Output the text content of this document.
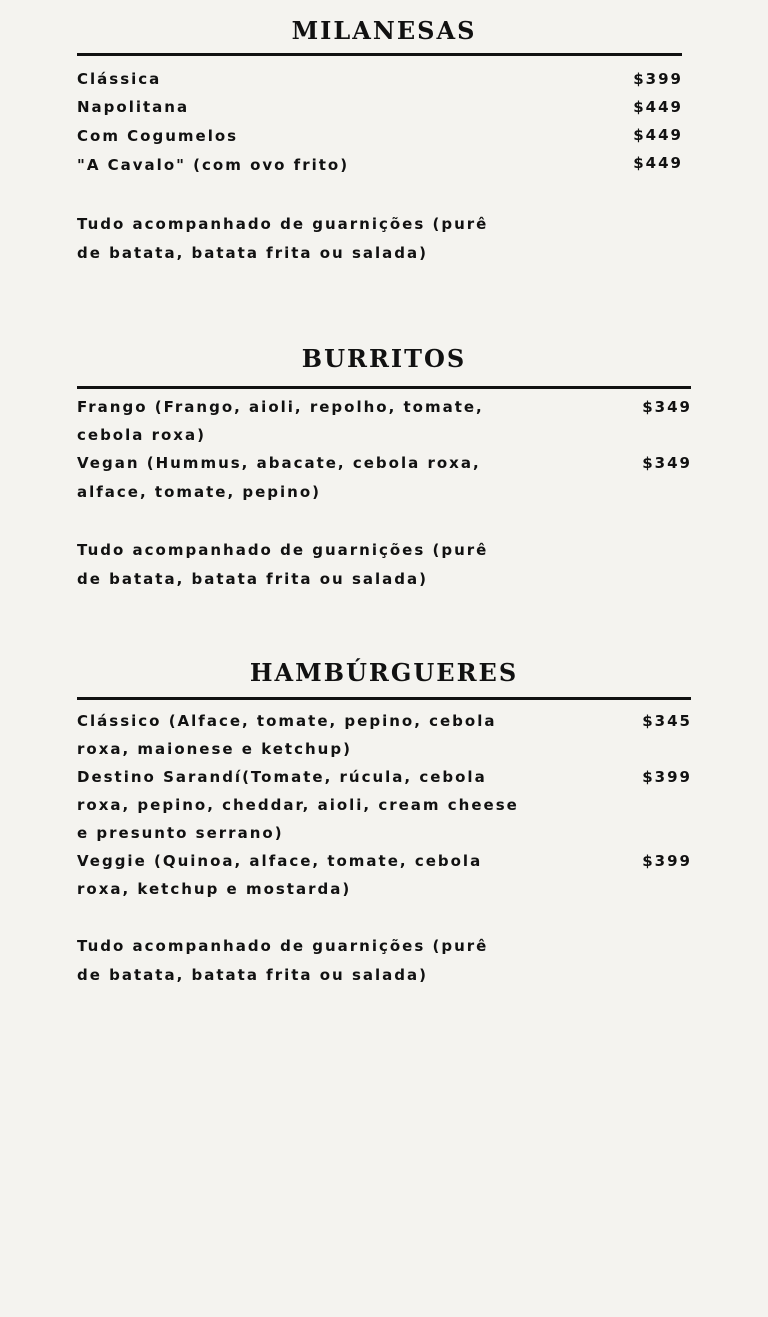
MILANESAS
Clássica	$399
Napolitana	$449
Com Cogumelos	$449
"A Cavalo" (com ovo frito)	$449
Tudo acompanhado de guarnições (purê
de batata, batata frita ou salada)
BURRITOS
Frango (Frango, aioli, repolho, tomate,	$349
cebola roxa)
Vegan (Hummus, abacate, cebola roxa,	$349
alface, tomate, pepino)
Tudo acompanhado de guarnições (purê
de batata, batata frita ou salada)
HAMBÚRGUERES
Clássico (Alface, tomate, pepino, cebola	$345
roxa, maionese e ketchup)
Destino Sarandí(Tomate, rúcula, cebola	$399
roxa, pepino, cheddar, aioli, cream cheese
e presunto serrano)
Veggie (Quinoa, alface, tomate, cebola	$399
roxa, ketchup e mostarda)
Tudo acompanhado de guarnições (purê
de batata, batata frita ou salada)
